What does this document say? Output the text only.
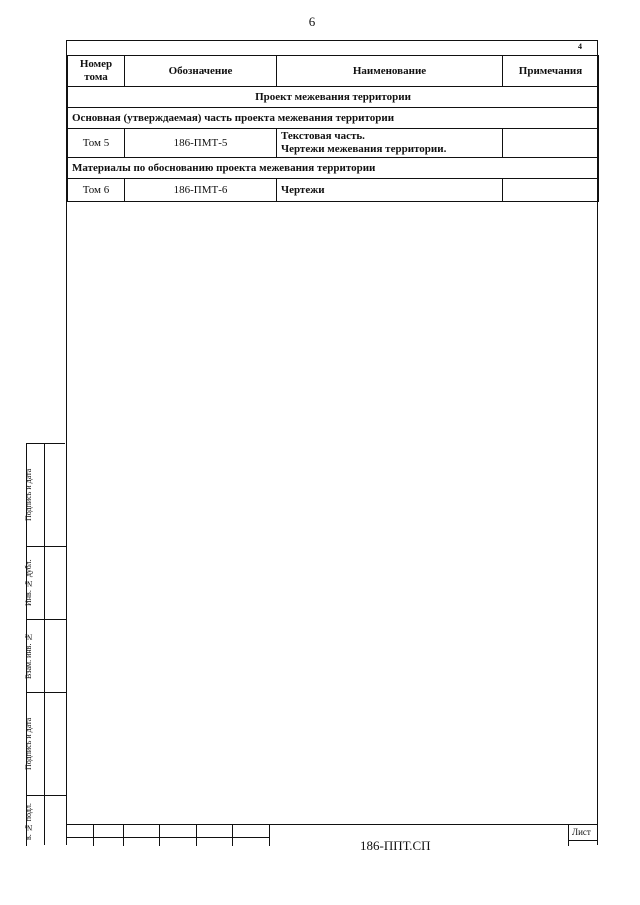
6
4
Номер тома	Обозначение	Наименование	Примечания
Проект межевания территории			
Основная (утверждаемая) часть проекта межевания территории			
Том 5	186-ПМТ-5	Текстовая часть.
Чертежи межевания территории.	

Материалы по обоснованию проекта межевания территории			
Том 6	186-ПМТ-6	Чертежи	
Подпись и дата
Инв. № дубл.
Взам. инв. №
Подпись и дата
в. № подл.	Лист
186-ППТ.СП
